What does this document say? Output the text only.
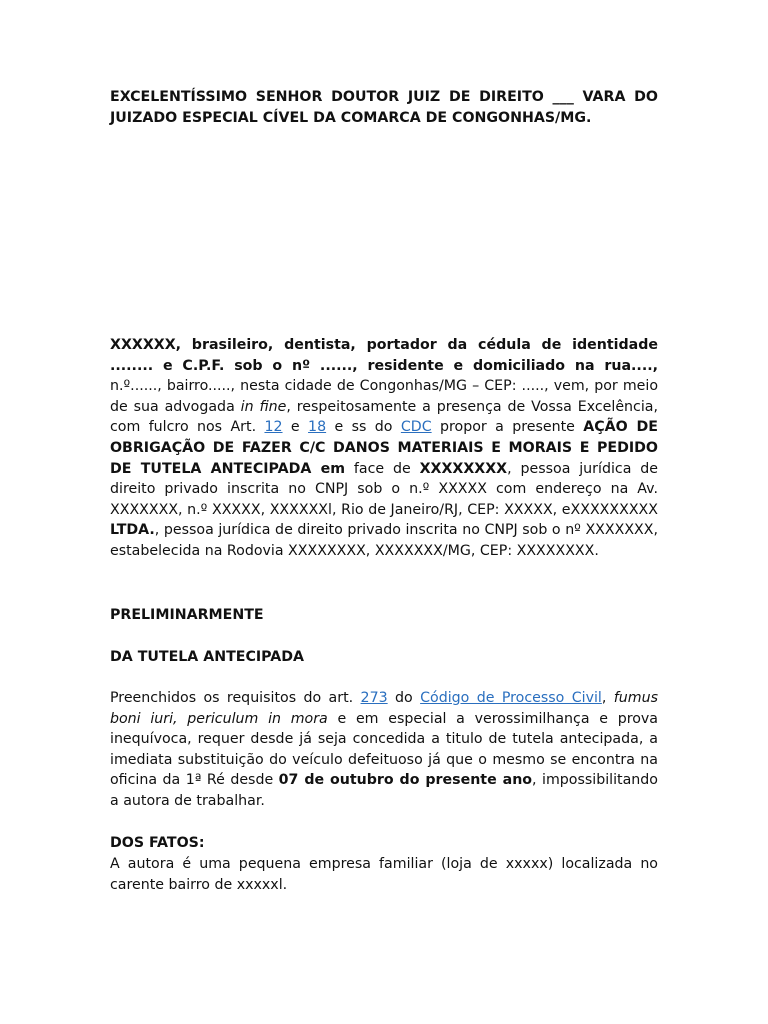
EXCELENTÍSSIMO SENHOR DOUTOR JUIZ DE DIREITO ___ VARA DO
JUIZADO ESPECIAL CÍVEL DA COMARCA DE CONGONHAS/MG.

XXXXXX, brasileiro, dentista, portador da cédula de identidade ........ e C.P.F. sob o nº ......, residente e domiciliado na rua...., n.º......, bairro....., nesta cidade de Congonhas/MG – CEP: ....., vem, por meio de sua advogada in fine, respeitosamente a presença de Vossa Excelência, com fulcro nos Art. 12 e 18 e ss do CDC propor a presente AÇÃO DE OBRIGAÇÃO DE FAZER C/C DANOS MATERIAIS E MORAIS E PEDIDO DE TUTELA ANTECIPADA em face de XXXXXXXX, pessoa jurídica de direito privado inscrita no CNPJ sob o n.º XXXXX com endereço na Av. XXXXXXX, n.º XXXXX, XXXXXXl, Rio de Janeiro/RJ, CEP: XXXXX, eXXXXXXXXX LTDA., pessoa jurídica de direito privado inscrita no CNPJ sob o nº XXXXXXX, estabelecida na Rodovia XXXXXXXX, XXXXXXX/MG, CEP: XXXXXXXX.

PRELIMINARMENTE

DA TUTELA ANTECIPADA

Preenchidos os requisitos do art. 273 do Código de Processo Civil, fumus boni iuri, periculum in mora e em especial a verossimilhança e prova inequívoca, requer desde já seja concedida a titulo de tutela antecipada, a imediata substituição do veículo defeituoso já que o mesmo se encontra na oficina da 1ª Ré desde 07 de outubro do presente ano, impossibilitando a autora de trabalhar.

DOS FATOS:

A autora é uma pequena empresa familiar (loja de xxxxx) localizada no carente bairro de xxxxxl.
